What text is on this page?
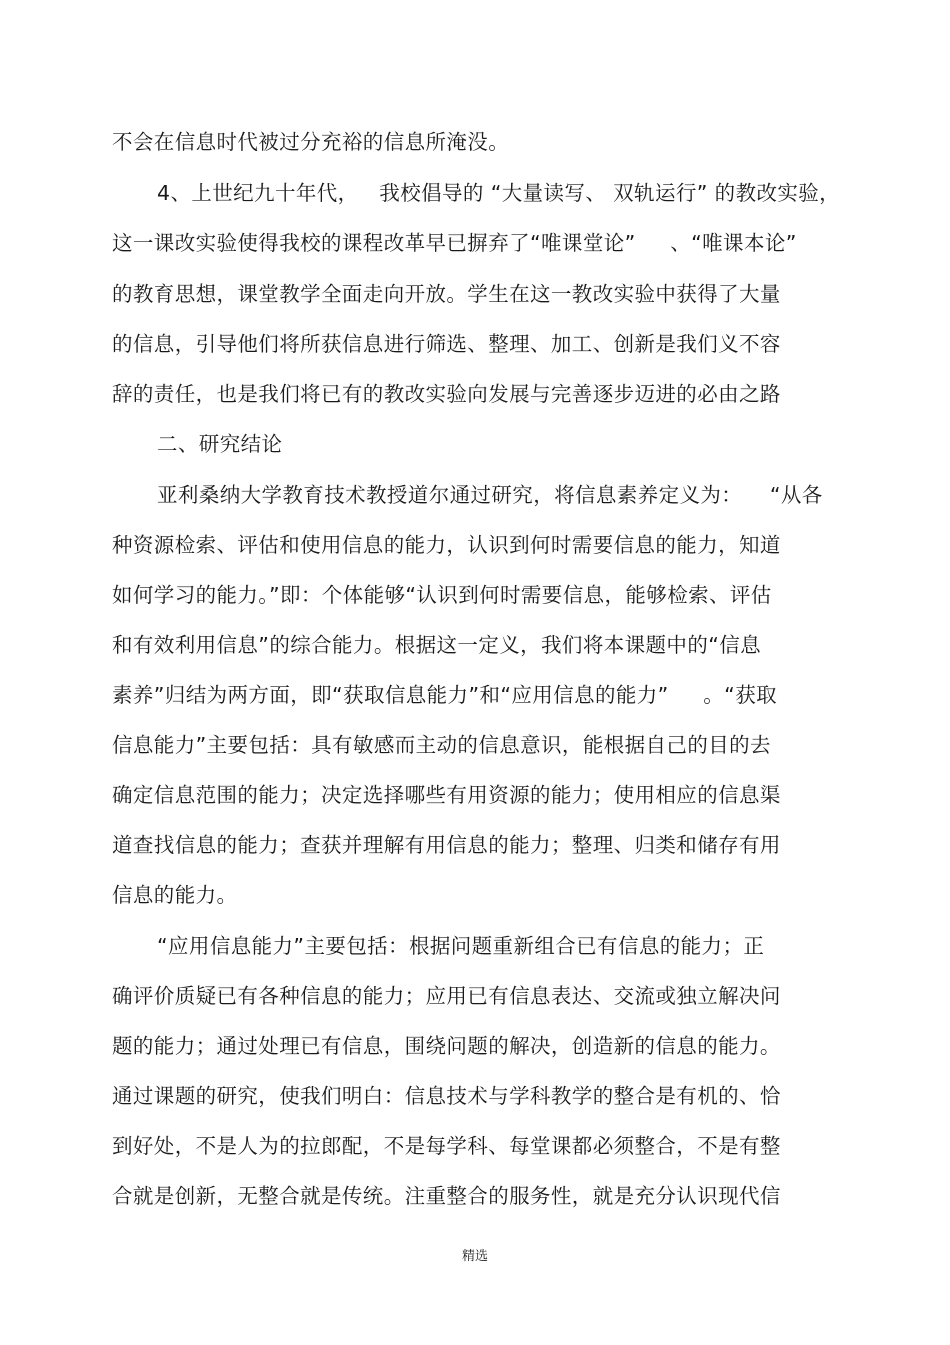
不会在信息时代被过分充裕的信息所淹没。
4、上世纪九十年代，   我校倡导的 “大量读写、 双轨运行” 的教改实验，
这一课改实验使得我校的课程改革早已摒弃了“唯课堂论”     、“唯课本论”
的教育思想，课堂教学全面走向开放。学生在这一教改实验中获得了大量
的信息，引导他们将所获信息进行筛选、整理、加工、创新是我们义不容
辞的责任，也是我们将已有的教改实验向发展与完善逐步迈进的必由之路
二、研究结论
亚利桑纳大学教育技术教授道尔通过研究，将信息素养定义为：    “从各
种资源检索、评估和使用信息的能力，认识到何时需要信息的能力，知道
如何学习的能力。”即：个体能够“认识到何时需要信息，能够检索、评估
和有效利用信息”的综合能力。根据这一定义，我们将本课题中的“信息
素养”归结为两方面，即“获取信息能力”和“应用信息的能力”     。“获取
信息能力”主要包括：具有敏感而主动的信息意识，能根据自己的目的去
确定信息范围的能力；决定选择哪些有用资源的能力；使用相应的信息渠
道查找信息的能力；查获并理解有用信息的能力；整理、归类和储存有用
信息的能力。
“应用信息能力”主要包括：根据问题重新组合已有信息的能力；正
确评价质疑已有各种信息的能力；应用已有信息表达、交流或独立解决问
题的能力；通过处理已有信息，围绕问题的解决，创造新的信息的能力。
通过课题的研究，使我们明白：信息技术与学科教学的整合是有机的、恰
到好处，不是人为的拉郎配，不是每学科、每堂课都必须整合，不是有整
合就是创新，无整合就是传统。注重整合的服务性，就是充分认识现代信
精选
